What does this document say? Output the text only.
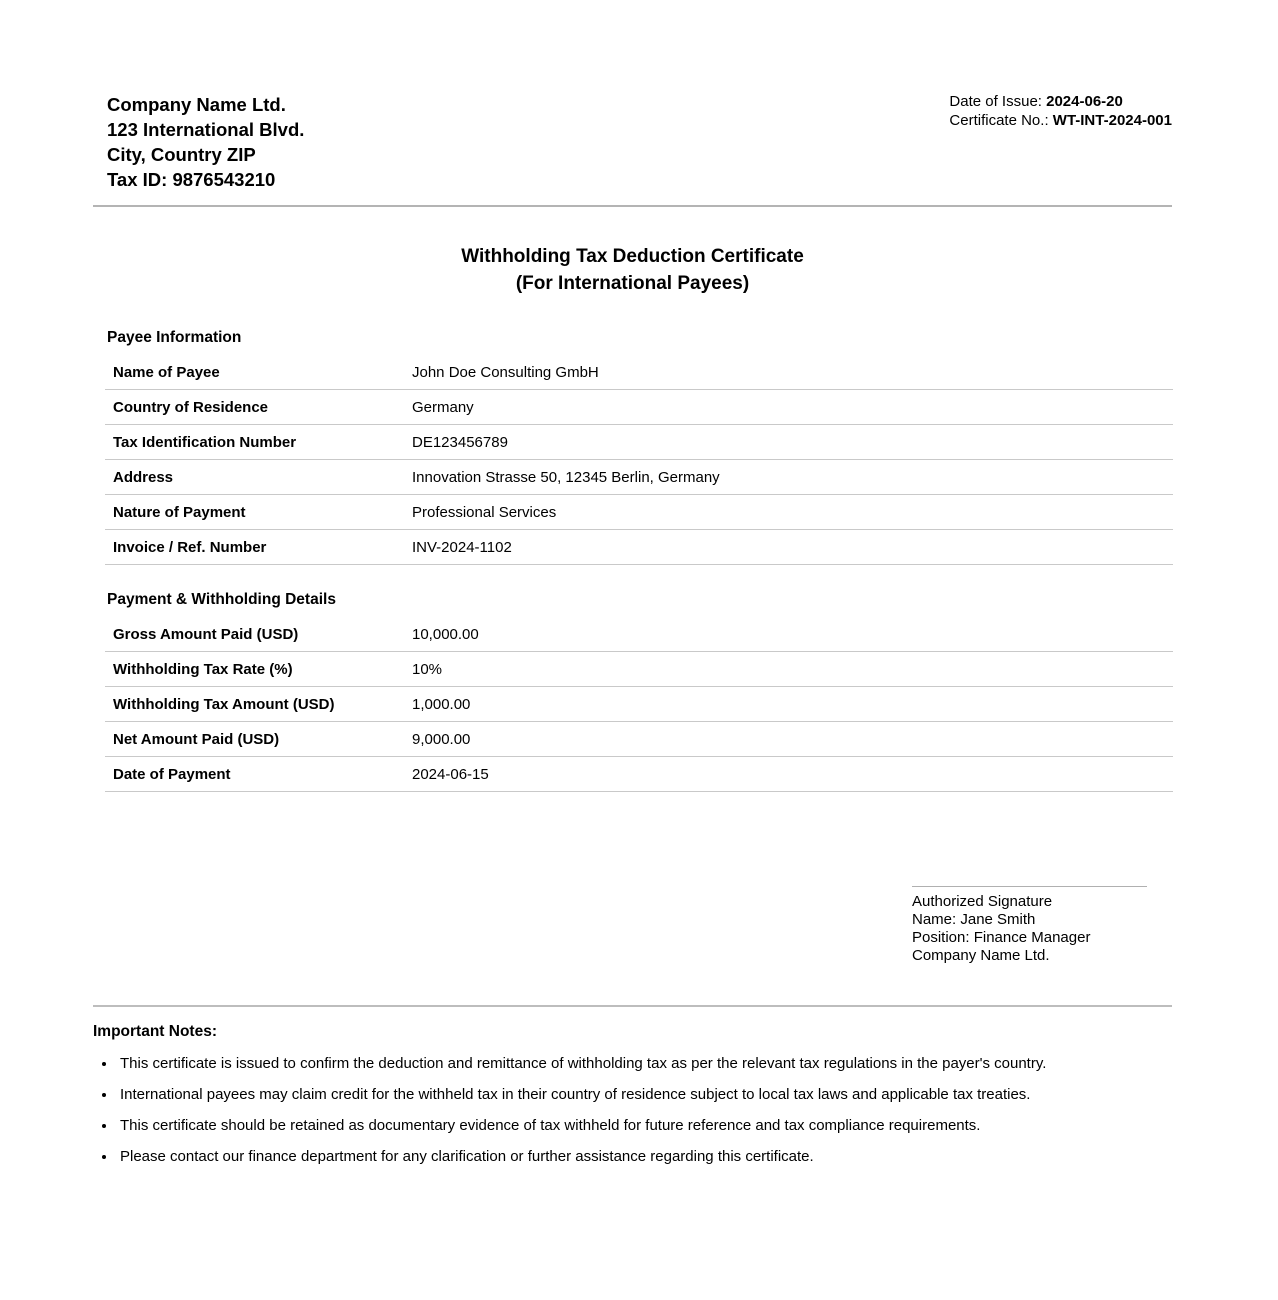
Company Name Ltd.
123 International Blvd.
City, Country ZIP
Tax ID: 9876543210
Date of Issue: 2024-06-20
Certificate No.: WT-INT-2024-001
Withholding Tax Deduction Certificate
(For International Payees)
Payee Information
Name of Payee	John Doe Consulting GmbH
Country of Residence	Germany
Tax Identification Number	DE123456789
Address	Innovation Strasse 50, 12345 Berlin, Germany
Nature of Payment	Professional Services
Invoice / Ref. Number	INV-2024-1102
Payment & Withholding Details
Gross Amount Paid (USD)	10,000.00
Withholding Tax Rate (%)	10%
Withholding Tax Amount (USD)	1,000.00
Net Amount Paid (USD)	9,000.00
Date of Payment	2024-06-15
Authorized Signature
Name: Jane Smith
Position: Finance Manager
Company Name Ltd.
Important Notes:
• This certificate is issued to confirm the deduction and remittance of withholding tax as per the relevant tax regulations in the payer's country.
• International payees may claim credit for the withheld tax in their country of residence subject to local tax laws and applicable tax treaties.
• This certificate should be retained as documentary evidence of tax withheld for future reference and tax compliance requirements.
• Please contact our finance department for any clarification or further assistance regarding this certificate.
